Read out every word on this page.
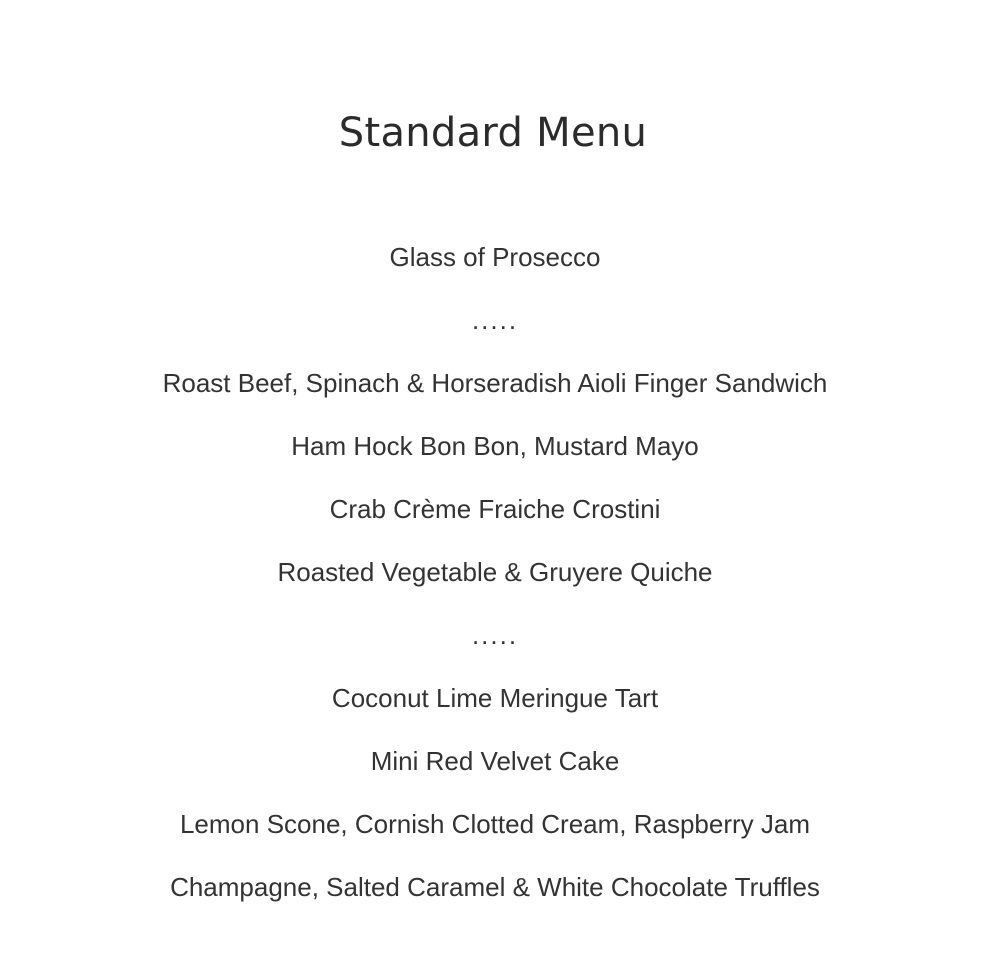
Standard Menu
Glass of Prosecco
.....
Roast Beef, Spinach & Horseradish Aioli Finger Sandwich
Ham Hock Bon Bon, Mustard Mayo
Crab Crème Fraiche Crostini
Roasted Vegetable & Gruyere Quiche
.....
Coconut Lime Meringue Tart
Mini Red Velvet Cake
Lemon Scone, Cornish Clotted Cream, Raspberry Jam
Champagne, Salted Caramel & White Chocolate Truffles
